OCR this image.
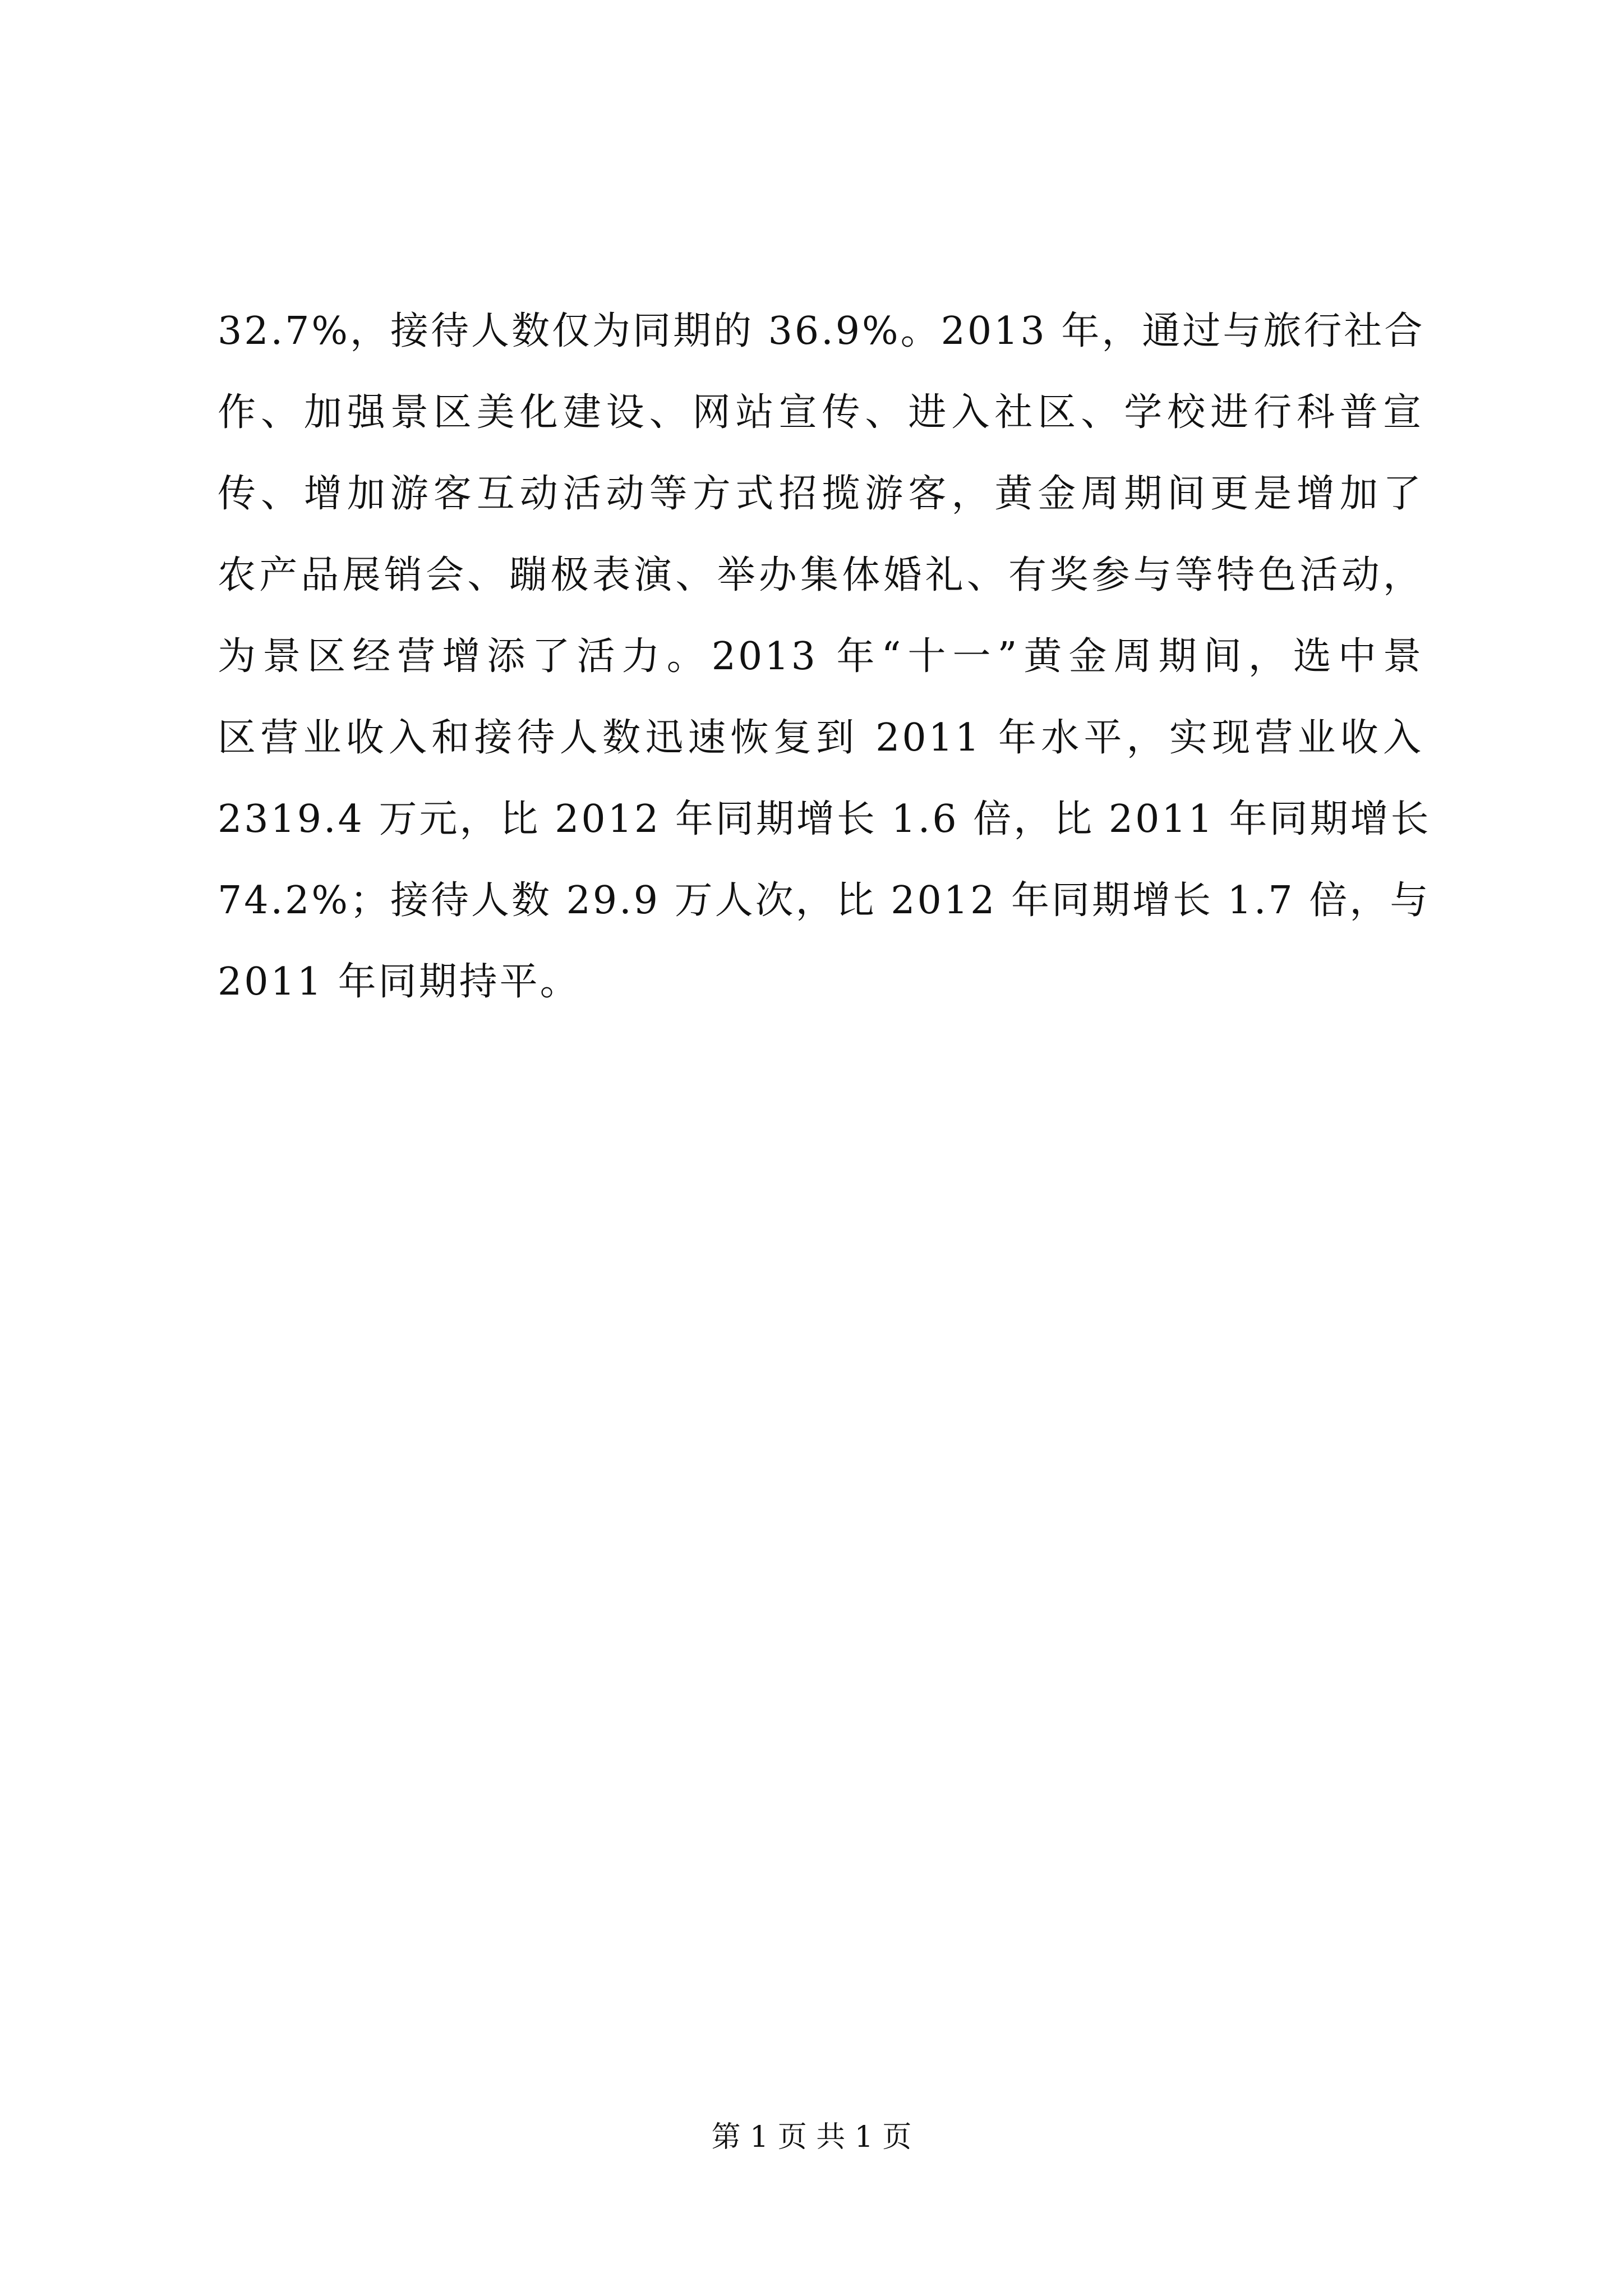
32.7%，接待人数仅为同期的 36.9%。2013 年，通过与旅行社合
作、加强景区美化建设、网站宣传、进入社区、学校进行科普宣
传、增加游客互动活动等方式招揽游客，黄金周期间更是增加了
农产品展销会、蹦极表演、举办集体婚礼、有奖参与等特色活动，
为景区经营增添了活力。2013 年“十一”黄金周期间，选中景
区营业收入和接待人数迅速恢复到 2011 年水平，实现营业收入
2319.4 万元，比 2012 年同期增长 1.6 倍，比 2011 年同期增长
74.2%；接待人数 29.9 万人次，比 2012 年同期增长 1.7 倍，与
2011 年同期持平。
第 1 页 共 1 页
